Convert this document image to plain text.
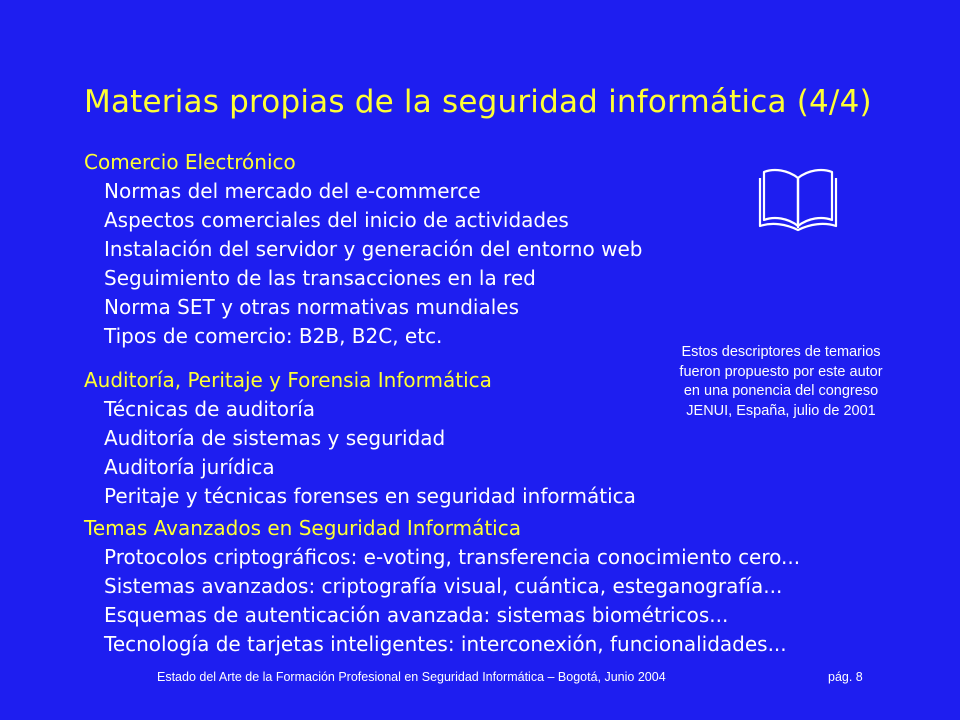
Materias propias de la seguridad informática (4/4)
Comercio Electrónico
Normas del mercado del e-commerce
Aspectos comerciales del inicio de actividades
Instalación del servidor y generación del entorno web
Seguimiento de las transacciones en la red
Norma SET y otras normativas mundiales
Tipos de comercio: B2B, B2C, etc.
Auditoría, Peritaje y Forensia Informática
Técnicas de auditoría
Auditoría de sistemas y seguridad
Auditoría jurídica
Peritaje y técnicas forenses en seguridad informática
Temas Avanzados en Seguridad Informática
Protocolos criptográficos: e-voting, transferencia conocimiento cero...
Sistemas avanzados: criptografía visual, cuántica, esteganografía...
Esquemas de autenticación avanzada: sistemas biométricos...
Tecnología de tarjetas inteligentes: interconexión, funcionalidades...
Estos descriptores de temarios
fueron propuesto por este autor
en una ponencia del congreso
JENUI, España, julio de 2001
Estado del Arte de la Formación Profesional en Seguridad Informática – Bogotá, Junio 2004	pág. 8
